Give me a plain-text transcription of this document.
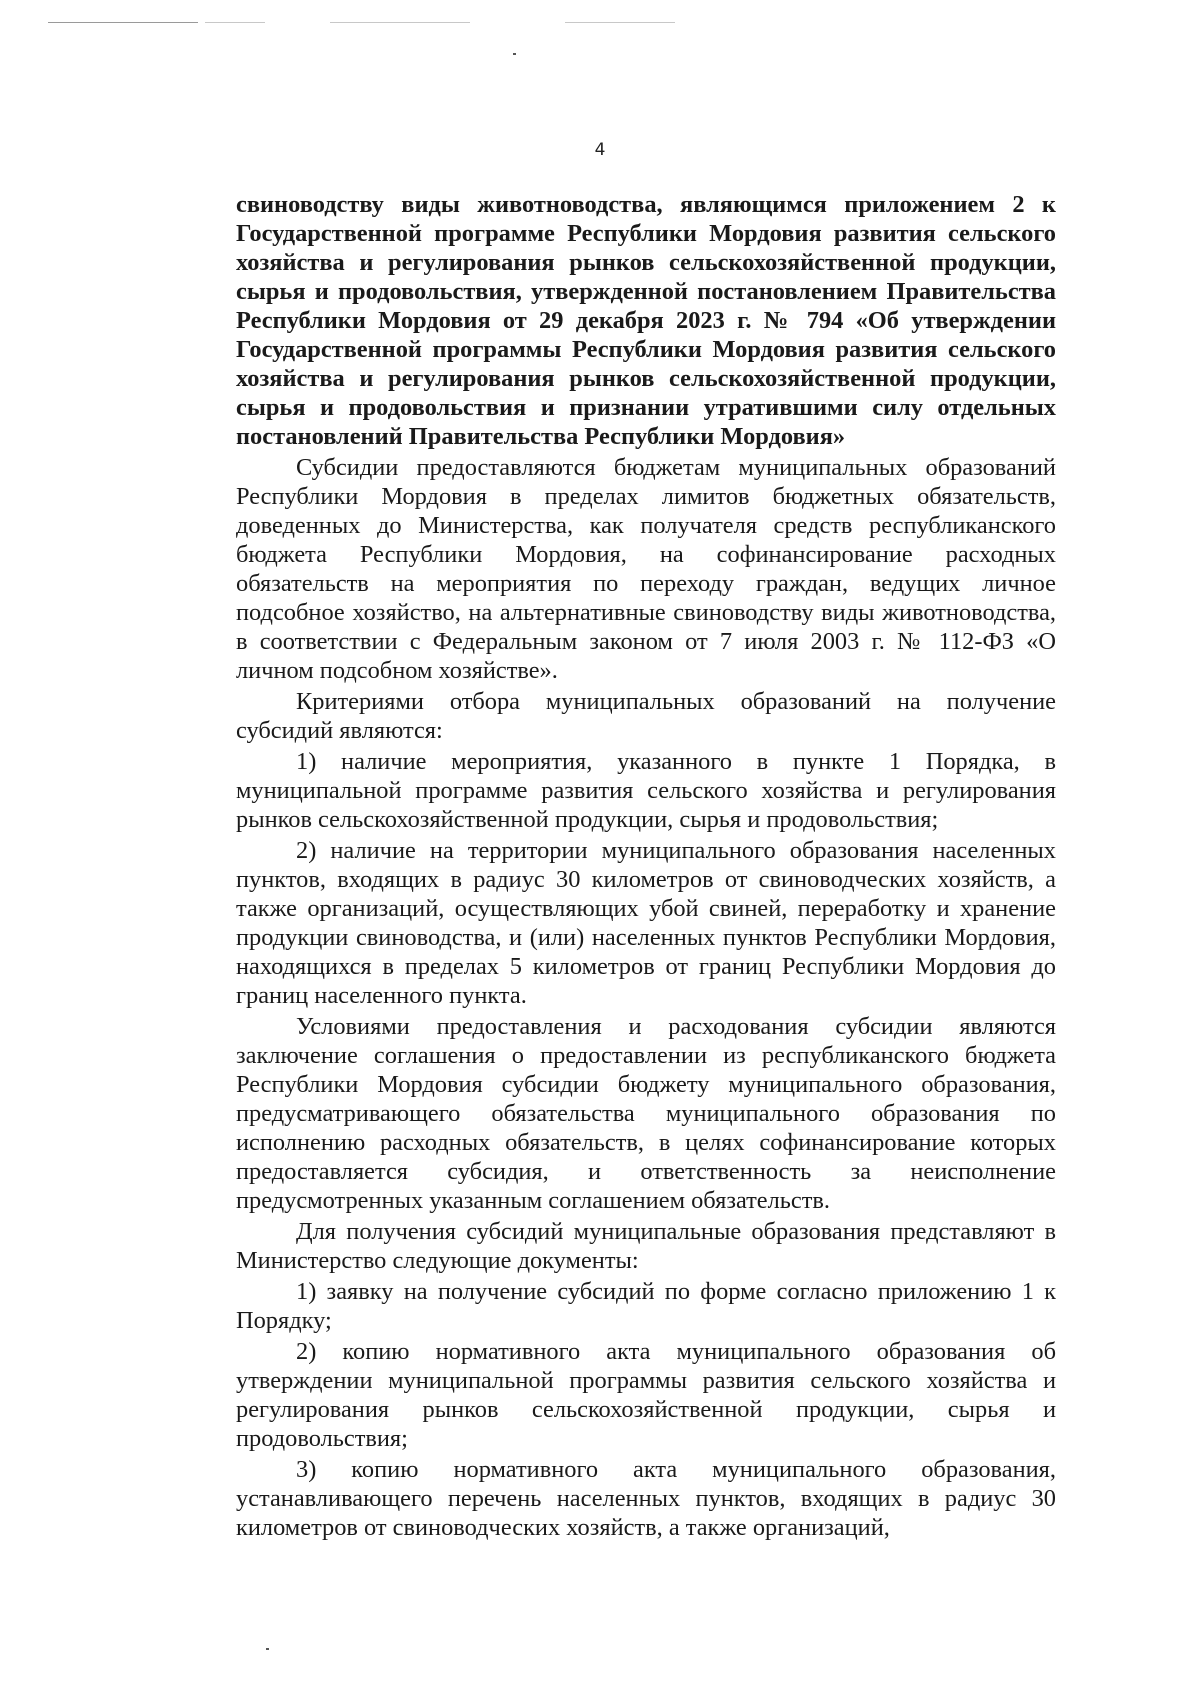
4

свиноводству виды животноводства, являющимся приложением 2 к Государственной программе Республики Мордовия развития сельского хозяйства и регулирования рынков сельскохозяйственной продукции, сырья и продовольствия, утвержденной постановлением Правительства Республики Мордовия от 29 декабря 2023 г. № 794 «Об утверждении Государственной программы Республики Мордовия развития сельского хозяйства и регулирования рынков сельскохозяйственной продукции, сырья и продовольствия и признании утратившими силу отдельных постановлений Правительства Республики Мордовия»

Субсидии предоставляются бюджетам муниципальных образований Республики Мордовия в пределах лимитов бюджетных обязательств, доведенных до Министерства, как получателя средств республиканского бюджета Республики Мордовия, на софинансирование расходных обязательств на мероприятия по переходу граждан, ведущих личное подсобное хозяйство, на альтернативные свиноводству виды животноводства, в соответствии с Федеральным законом от 7 июля 2003 г. № 112-ФЗ «О личном подсобном хозяйстве».

Критериями отбора муниципальных образований на получение субсидий являются:

1) наличие мероприятия, указанного в пункте 1 Порядка, в муниципальной программе развития сельского хозяйства и регулирования рынков сельскохозяйственной продукции, сырья и продовольствия;

2) наличие на территории муниципального образования населенных пунктов, входящих в радиус 30 километров от свиноводческих хозяйств, а также организаций, осуществляющих убой свиней, переработку и хранение продукции свиноводства, и (или) населенных пунктов Республики Мордовия, находящихся в пределах 5 километров от границ Республики Мордовия до границ населенного пункта.

Условиями предоставления и расходования субсидии являются заключение соглашения о предоставлении из республиканского бюджета Республики Мордовия субсидии бюджету муниципального образования, предусматривающего обязательства муниципального образования по исполнению расходных обязательств, в целях софинансирование которых предоставляется субсидия, и ответственность за неисполнение предусмотренных указанным соглашением обязательств.

Для получения субсидий муниципальные образования представляют в Министерство следующие документы:

1) заявку на получение субсидий по форме согласно приложению 1 к Порядку;

2) копию нормативного акта муниципального образования об утверждении муниципальной программы развития сельского хозяйства и регулирования рынков сельскохозяйственной продукции, сырья и продовольствия;

3) копию нормативного акта муниципального образования, устанавливающего перечень населенных пунктов, входящих в радиус 30 километров от свиноводческих хозяйств, а также организаций,
